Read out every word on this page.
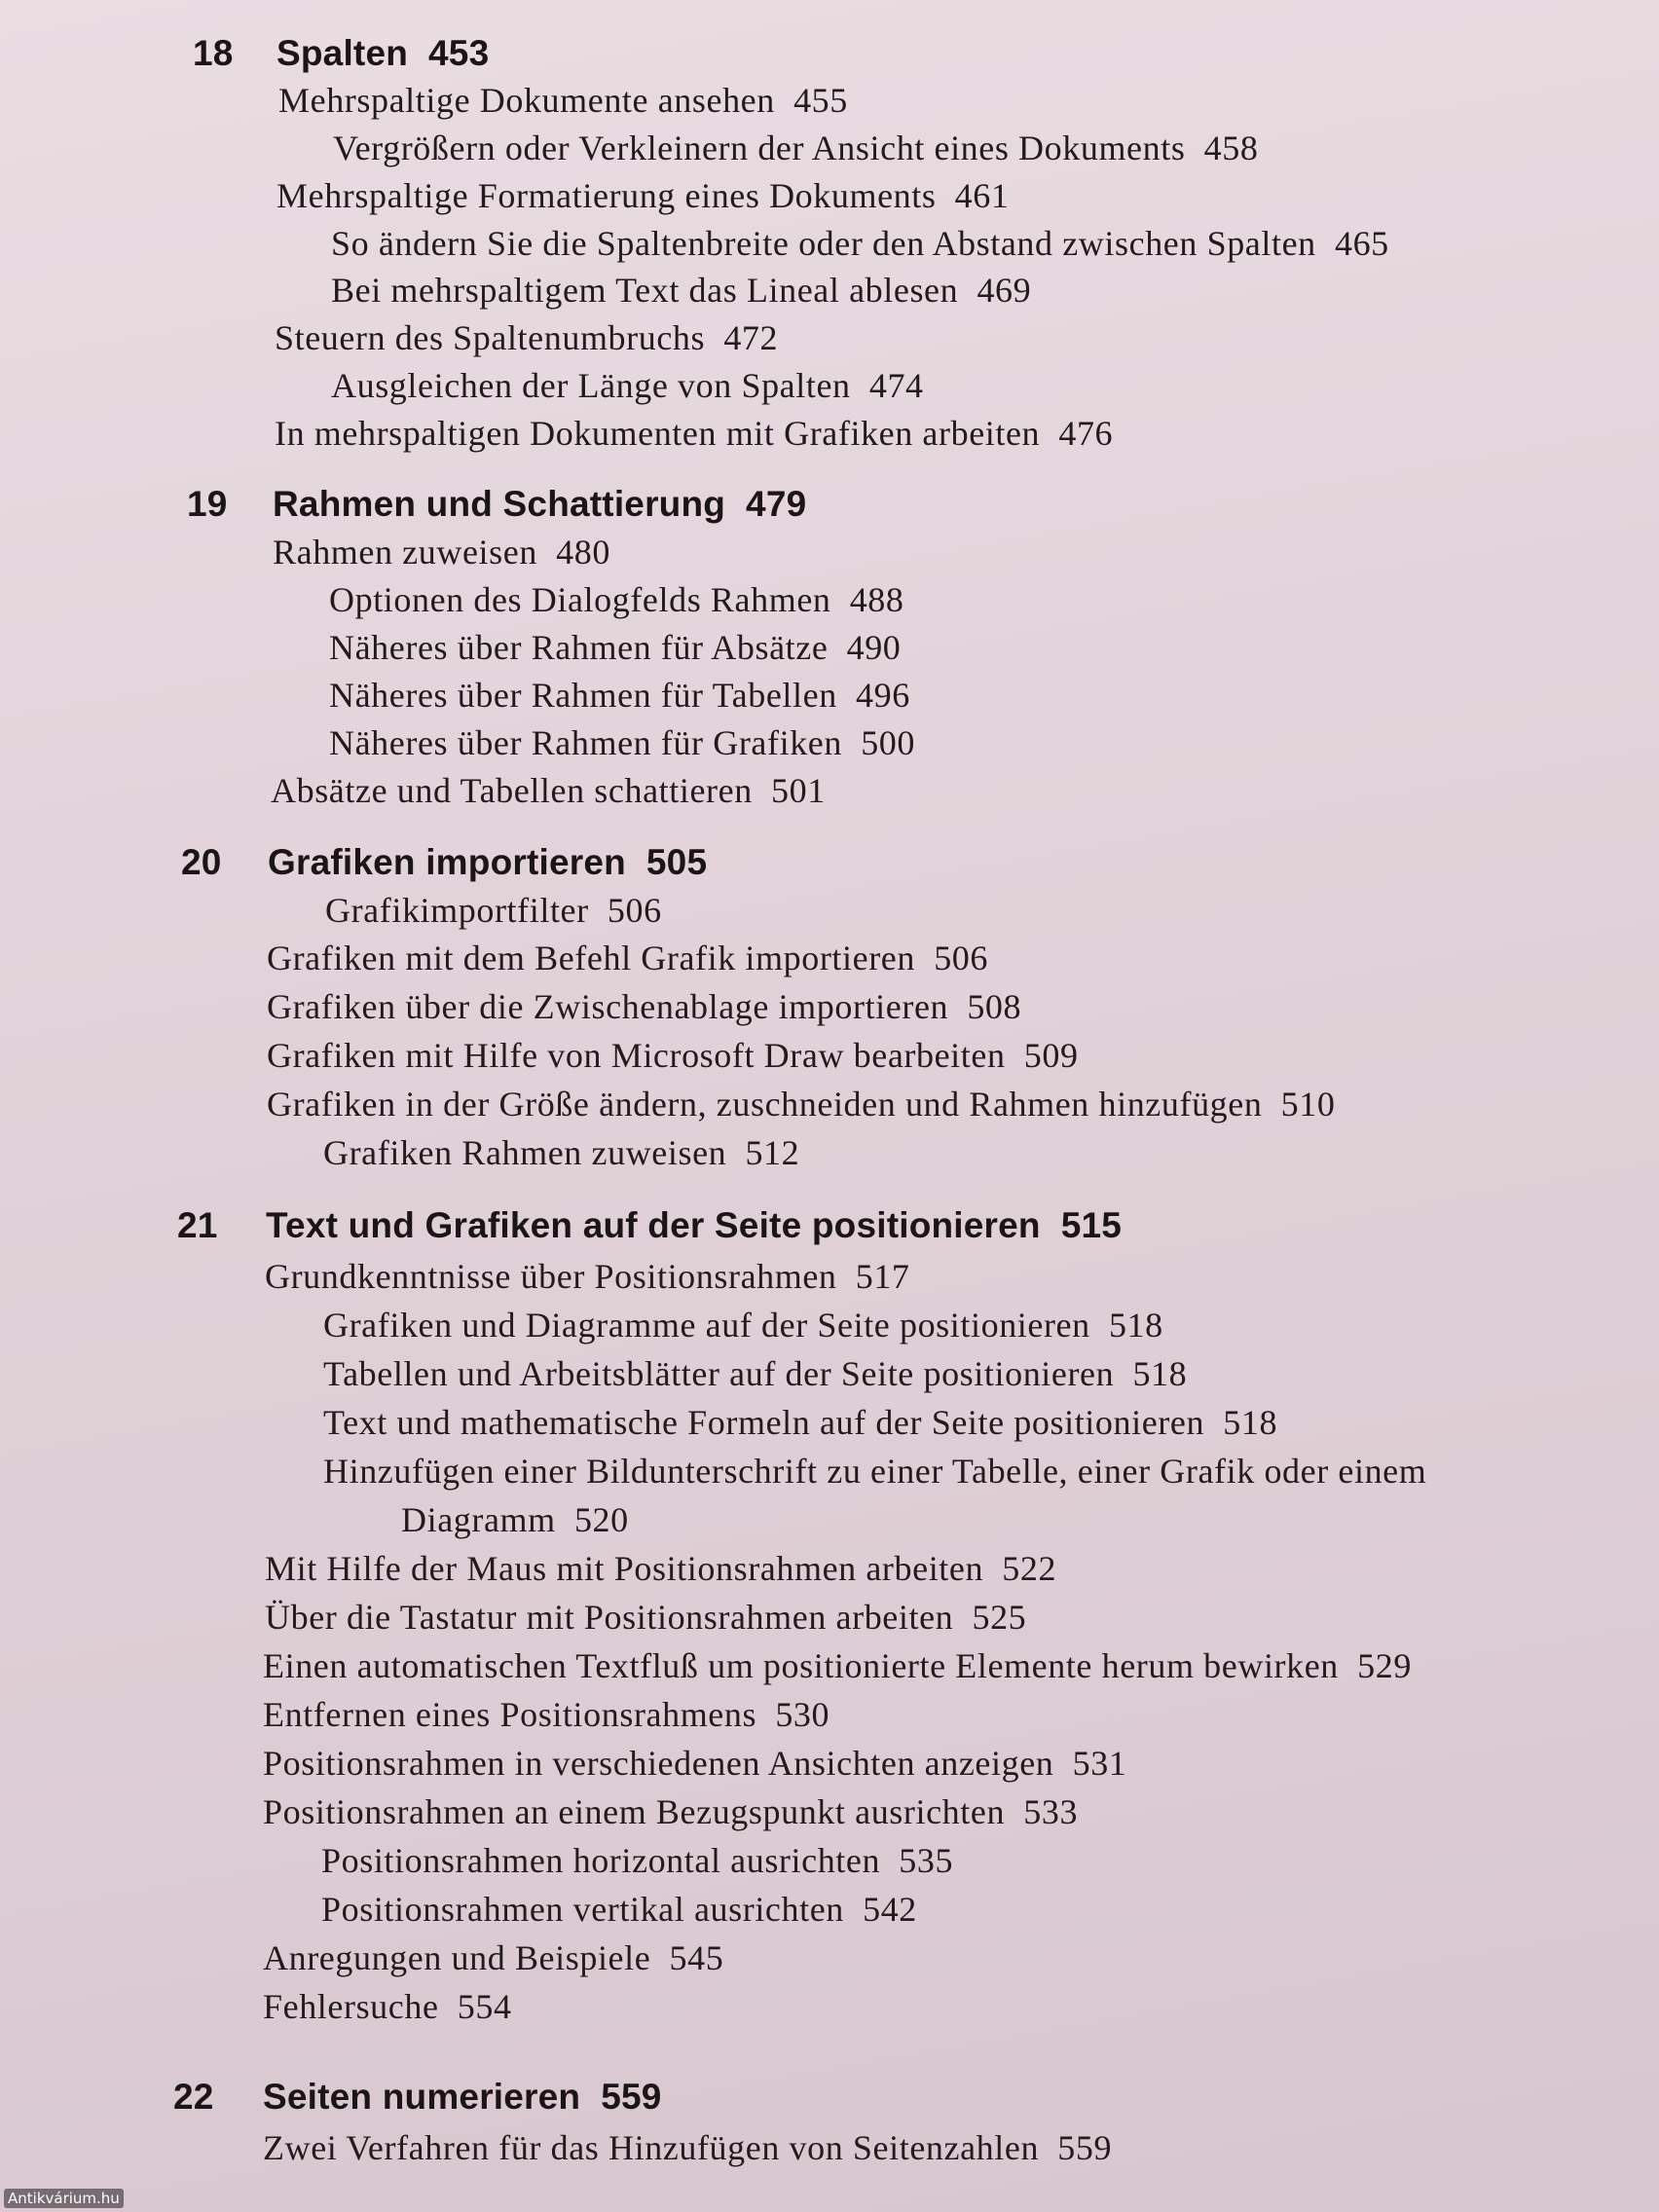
18 Spalten 453
Mehrspaltige Dokumente ansehen 455
Vergrößern oder Verkleinern der Ansicht eines Dokuments 458
Mehrspaltige Formatierung eines Dokuments 461
So ändern Sie die Spaltenbreite oder den Abstand zwischen Spalten 465
Bei mehrspaltigem Text das Lineal ablesen 469
Steuern des Spaltenumbruchs 472
Ausgleichen der Länge von Spalten 474
In mehrspaltigen Dokumenten mit Grafiken arbeiten 476
19 Rahmen und Schattierung 479
Rahmen zuweisen 480
Optionen des Dialogfelds Rahmen 488
Näheres über Rahmen für Absätze 490
Näheres über Rahmen für Tabellen 496
Näheres über Rahmen für Grafiken 500
Absätze und Tabellen schattieren 501
20 Grafiken importieren 505
Grafikimportfilter 506
Grafiken mit dem Befehl Grafik importieren 506
Grafiken über die Zwischenablage importieren 508
Grafiken mit Hilfe von Microsoft Draw bearbeiten 509
Grafiken in der Größe ändern, zuschneiden und Rahmen hinzufügen 510
Grafiken Rahmen zuweisen 512
21 Text und Grafiken auf der Seite positionieren 515
Grundkenntnisse über Positionsrahmen 517
Grafiken und Diagramme auf der Seite positionieren 518
Tabellen und Arbeitsblätter auf der Seite positionieren 518
Text und mathematische Formeln auf der Seite positionieren 518
Hinzufügen einer Bildunterschrift zu einer Tabelle, einer Grafik oder einem
Diagramm 520
Mit Hilfe der Maus mit Positionsrahmen arbeiten 522
Über die Tastatur mit Positionsrahmen arbeiten 525
Einen automatischen Textfluß um positionierte Elemente herum bewirken 529
Entfernen eines Positionsrahmens 530
Positionsrahmen in verschiedenen Ansichten anzeigen 531
Positionsrahmen an einem Bezugspunkt ausrichten 533
Positionsrahmen horizontal ausrichten 535
Positionsrahmen vertikal ausrichten 542
Anregungen und Beispiele 545
Fehlersuche 554
22 Seiten numerieren 559
Zwei Verfahren für das Hinzufügen von Seitenzahlen 559
Antikvárium.hu
